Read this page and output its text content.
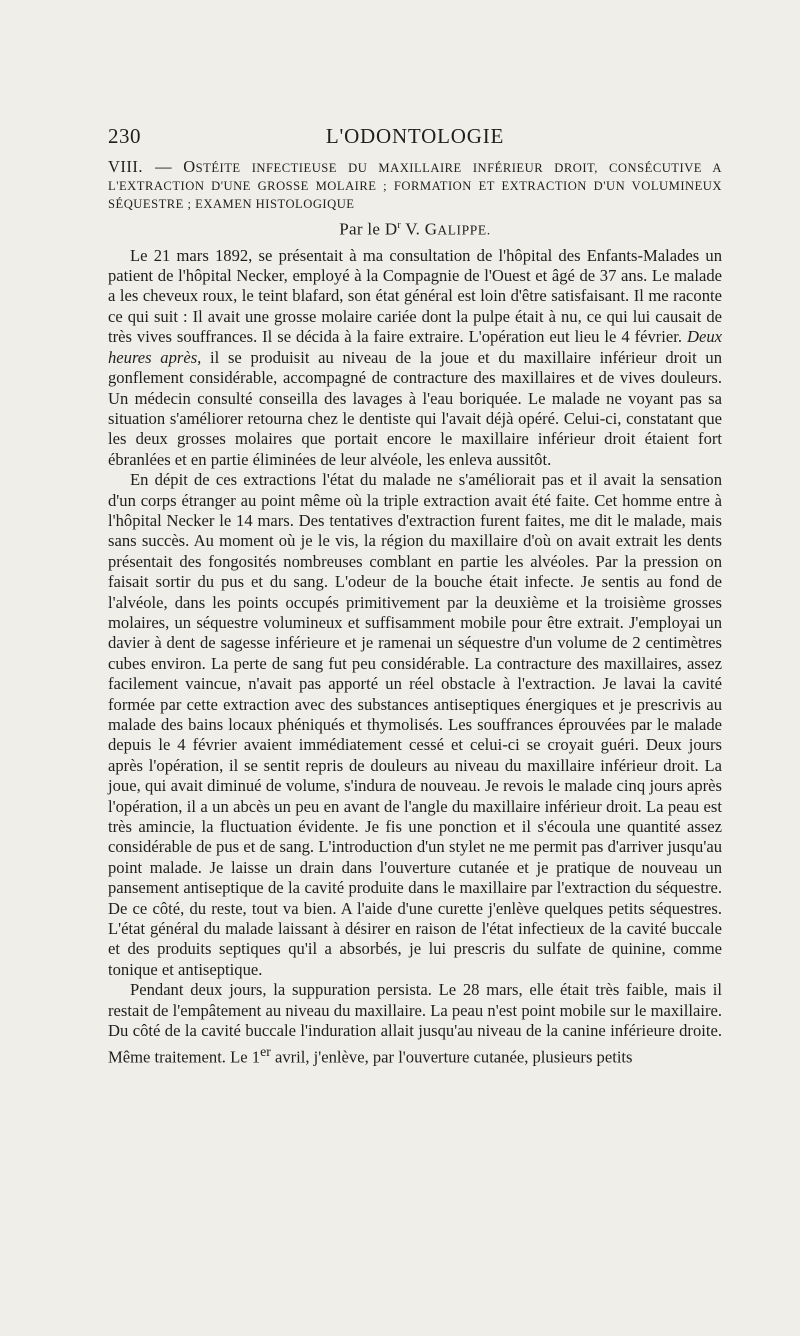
230	L'ODONTOLOGIE

VIII. — OSTÉITE INFECTIEUSE DU MAXILLAIRE INFÉRIEUR DROIT, CONSÉCUTIVE A L'EXTRACTION D'UNE GROSSE MOLAIRE ; FORMATION ET EXTRACTION D'UN VOLUMINEUX SÉQUESTRE ; EXAMEN HISTOLOGIQUE

Par le $D^r$ V. GALIPPE.

Le 21 mars 1892, se présentait à ma consultation de l'hôpital des Enfants-Malades un patient de l'hôpital Necker, employé à la Compagnie de l'Ouest et âgé de 37 ans. Le malade a les cheveux roux, le teint blafard, son état général est loin d'être satisfaisant. Il me raconte ce qui suit : Il avait une grosse molaire cariée dont la pulpe était à nu, ce qui lui causait de très vives souffrances. Il se décida à la faire extraire. L'opération eut lieu le 4 février. Deux heures après, il se produisit au niveau de la joue et du maxillaire inférieur droit un gonflement considérable, accompagné de contracture des maxillaires et de vives douleurs. Un médecin consulté conseilla des lavages à l'eau boriquée. Le malade ne voyant pas sa situation s'améliorer retourna chez le dentiste qui l'avait déjà opéré. Celui-ci, constatant que les deux grosses molaires que portait encore le maxillaire inférieur droit étaient fort ébranlées et en partie éliminées de leur alvéole, les enleva aussitôt.

En dépit de ces extractions l'état du malade ne s'améliorait pas et il avait la sensation d'un corps étranger au point même où la triple extraction avait été faite. Cet homme entre à l'hôpital Necker le 14 mars. Des tentatives d'extraction furent faites, me dit le malade, mais sans succès. Au moment où je le vis, la région du maxillaire d'où on avait extrait les dents présentait des fongosités nombreuses comblant en partie les alvéoles. Par la pression on faisait sortir du pus et du sang. L'odeur de la bouche était infecte. Je sentis au fond de l'alvéole, dans les points occupés primitivement par la deuxième et la troisième grosses molaires, un séquestre volumineux et suffisamment mobile pour être extrait. J'employai un davier à dent de sagesse inférieure et je ramenai un séquestre d'un volume de 2 centimètres cubes environ. La perte de sang fut peu considérable. La contracture des maxillaires, assez facilement vaincue, n'avait pas apporté un réel obstacle à l'extraction. Je lavai la cavité formée par cette extraction avec des substances antiseptiques énergiques et je prescrivis au malade des bains locaux phéniqués et thymolisés. Les souffrances éprouvées par le malade depuis le 4 février avaient immédiatement cessé et celui-ci se croyait guéri. Deux jours après l'opération, il se sentit repris de douleurs au niveau du maxillaire inférieur droit. La joue, qui avait diminué de volume, s'indura de nouveau. Je revois le malade cinq jours après l'opération, il a un abcès un peu en avant de l'angle du maxillaire inférieur droit. La peau est très amincie, la fluctuation évidente. Je fis une ponction et il s'écoula une quantité assez considérable de pus et de sang. L'introduction d'un stylet ne me permit pas d'arriver jusqu'au point malade. Je laisse un drain dans l'ouverture cutanée et je pratique de nouveau un pansement antiseptique de la cavité produite dans le maxillaire par l'extraction du séquestre. De ce côté, du reste, tout va bien. A l'aide d'une curette j'enlève quelques petits séquestres. L'état général du malade laissant à désirer en raison de l'état infectieux de la cavité buccale et des produits septiques qu'il a absorbés, je lui prescris du sulfate de quinine, comme tonique et antiseptique.

Pendant deux jours, la suppuration persista. Le 28 mars, elle était très faible, mais il restait de l'empâtement au niveau du maxillaire. La peau n'est point mobile sur le maxillaire. Du côté de la cavité buccale l'induration allait jusqu'au niveau de la canine inférieure droite. Même traitement. Le 1er avril, j'enlève, par l'ouverture cutanée, plusieurs petits
